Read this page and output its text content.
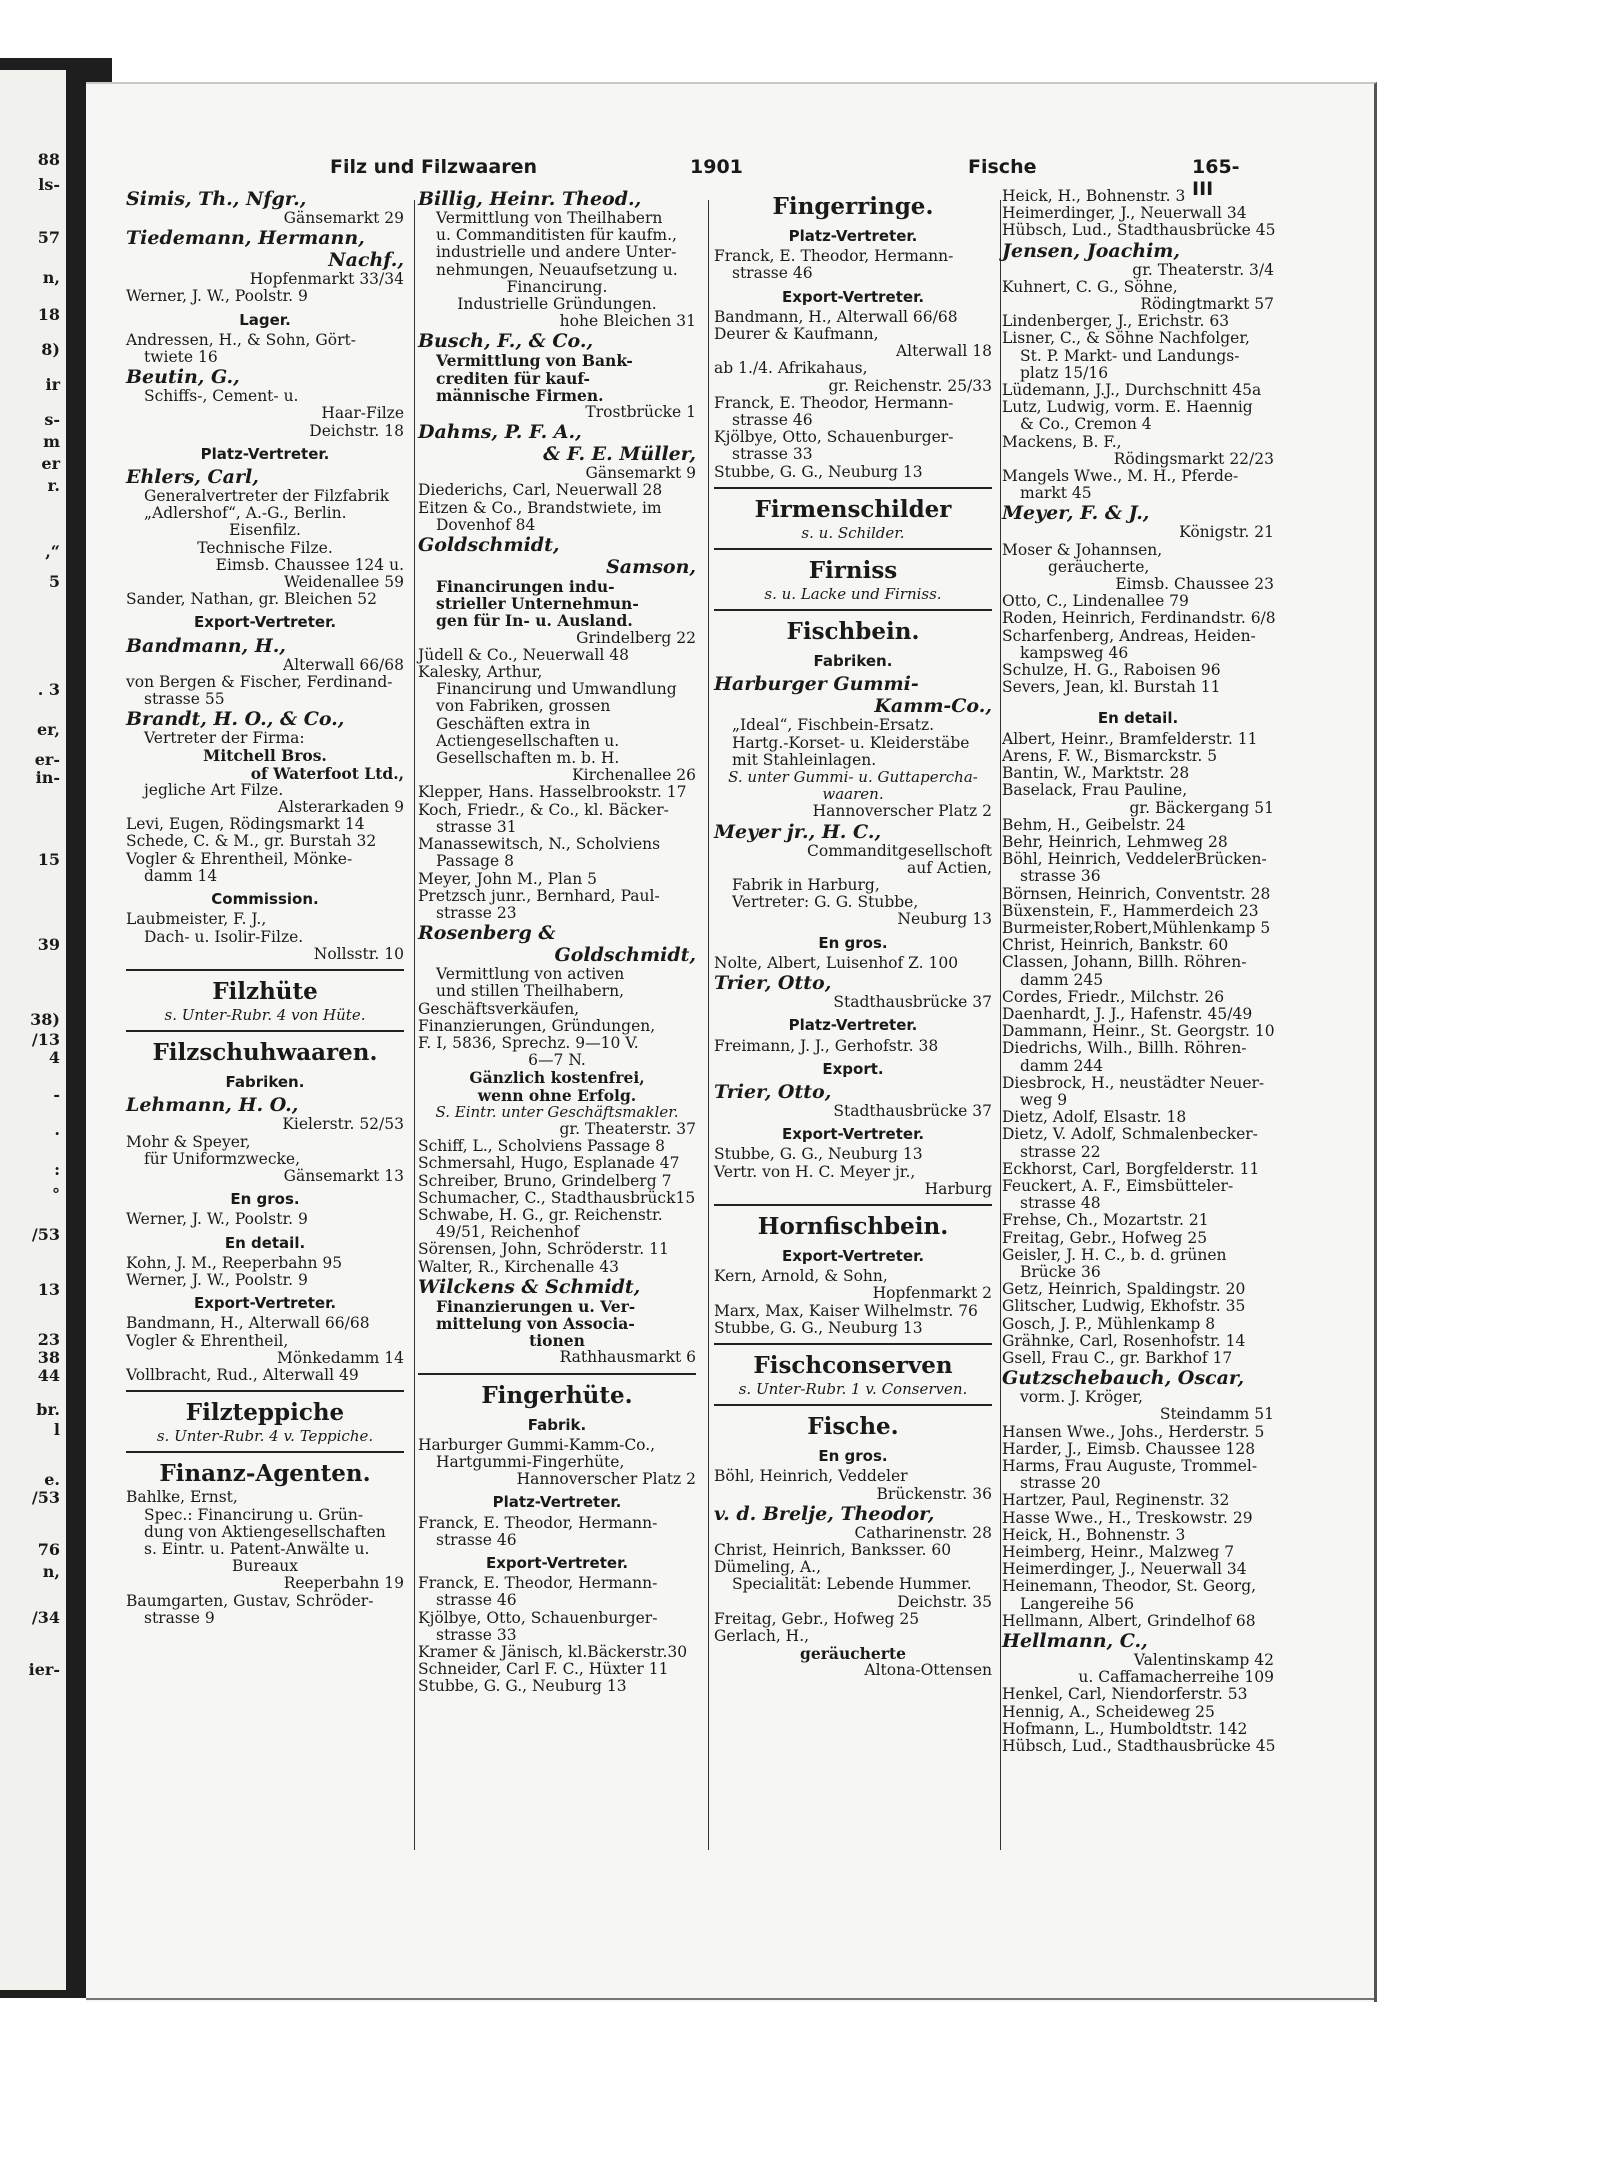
88
ls-
57
n,
18
8)
ir
s-
m
er
r.
,“
5
. 3
er,
er-
in-
15
39
38)
/13
4
-
.
:
°
/53
13
23
38
44
br.
l
e.
/53
76
n,
/34
ier-
Filz und Filzwaaren	1901	Fische	165-III
Simis, Th., Nfgr.,
Gänsemarkt 29
Tiedemann, Hermann,
Nachf.,
Hopfenmarkt 33/34
Werner, J. W., Poolstr. 9
Lager.
Andressen, H., & Sohn, Gört-
twiete 16
Beutin, G.,
Schiffs-, Cement- u.
Haar-Filze
Deichstr. 18
Platz-Vertreter.
Ehlers, Carl,
Generalvertreter der Filzfabrik
„Adlershof“, A.-G., Berlin.
Eisenfilz.
Technische Filze.
Eimsb. Chaussee 124 u.
Weidenallee 59
Sander, Nathan, gr. Bleichen 52
Export-Vertreter.
Bandmann, H.,
Alterwall 66/68
von Bergen & Fischer, Ferdinand-
strasse 55
Brandt, H. O., & Co.,
Vertreter der Firma:
Mitchell Bros.
of Waterfoot Ltd.,
jegliche Art Filze.
Alsterarkaden 9
Levi, Eugen, Rödingsmarkt 14
Schede, C. & M., gr. Burstah 32
Vogler & Ehrentheil, Mönke-
damm 14
Commission.
Laubmeister, F. J.,
Dach- u. Isolir-Filze.
Nollsstr. 10
Filzhüte
s. Unter-Rubr. 4 von Hüte.
Filzschuhwaaren.
Fabriken.
Lehmann, H. O.,
Kielerstr. 52/53
Mohr & Speyer,
für Uniformzwecke,
Gänsemarkt 13
En gros.
Werner, J. W., Poolstr. 9
En detail.
Kohn, J. M., Reeperbahn 95
Werner, J. W., Poolstr. 9
Export-Vertreter.
Bandmann, H., Alterwall 66/68
Vogler & Ehrentheil,
Mönkedamm 14
Vollbracht, Rud., Alterwall 49
Filzteppiche
s. Unter-Rubr. 4 v. Teppiche.
Finanz-Agenten.
Bahlke, Ernst,
Spec.: Financirung u. Grün-
dung von Aktiengesellschaften
s. Eintr. u. Patent-Anwälte u.
Bureaux
Reeperbahn 19
Baumgarten, Gustav, Schröder-
strasse 9
Billig, Heinr. Theod.,
Vermittlung von Theilhabern
u. Commanditisten für kaufm.,
industrielle und andere Unter-
nehmungen, Neuaufsetzung u.
Financirung.
Industrielle Gründungen.
hohe Bleichen 31
Busch, F., & Co.,
Vermittlung von Bank-
crediten für kauf-
männische Firmen.
Trostbrücke 1
Dahms, P. F. A.,
& F. E. Müller,
Gänsemarkt 9
Diederichs, Carl, Neuerwall 28
Eitzen & Co., Brandstwiete, im
Dovenhof 84
Goldschmidt,
Samson,
Financirungen indu-
strieller Unternehmun-
gen für In- u. Ausland.
Grindelberg 22
Jüdell & Co., Neuerwall 48
Kalesky, Arthur,
Financirung und Umwandlung
von Fabriken, grossen
Geschäften extra in
Actiengesellschaften u.
Gesellschaften m. b. H.
Kirchenallee 26
Klepper, Hans. Hasselbrookstr. 17
Koch, Friedr., & Co., kl. Bäcker-
strasse 31
Manassewitsch, N., Scholviens
Passage 8
Meyer, John M., Plan 5
Pretzsch junr., Bernhard, Paul-
strasse 23
Rosenberg &
Goldschmidt,
Vermittlung von activen
und stillen Theilhabern,
Geschäftsverkäufen,
Finanzierungen, Gründungen,
F. I, 5836, Sprechz. 9—10 V.
6—7 N.
Gänzlich kostenfrei,
wenn ohne Erfolg.
S. Eintr. unter Geschäftsmakler.
gr. Theaterstr. 37
Schiff, L., Scholviens Passage 8
Schmersahl, Hugo, Esplanade 47
Schreiber, Bruno, Grindelberg 7
Schumacher, C., Stadthausbrück15
Schwabe, H. G., gr. Reichenstr.
49/51, Reichenhof
Sörensen, John, Schröderstr. 11
Walter, R., Kirchenalle 43
Wilckens & Schmidt,
Finanzierungen u. Ver-
mittelung von Associa-
tionen
Rathhausmarkt 6
Fingerhüte.
Fabrik.
Harburger Gummi-Kamm-Co.,
Hartgummi-Fingerhüte,
Hannoverscher Platz 2
Platz-Vertreter.
Franck, E. Theodor, Hermann-
strasse 46
Export-Vertreter.
Franck, E. Theodor, Hermann-
strasse 46
Kjölbye, Otto, Schauenburger-
strasse 33
Kramer & Jänisch, kl.Bäckerstr.30
Schneider, Carl F. C., Hüxter 11
Stubbe, G. G., Neuburg 13
Fingerringe.
Platz-Vertreter.
Franck, E. Theodor, Hermann-
strasse 46
Export-Vertreter.
Bandmann, H., Alterwall 66/68
Deurer & Kaufmann,
Alterwall 18
ab 1./4. Afrikahaus,
gr. Reichenstr. 25/33
Franck, E. Theodor, Hermann-
strasse 46
Kjölbye, Otto, Schauenburger-
strasse 33
Stubbe, G. G., Neuburg 13
Firmenschilder
s. u. Schilder.
Firniss
s. u. Lacke und Firniss.
Fischbein.
Fabriken.
Harburger Gummi-
Kamm-Co.,
„Ideal“, Fischbein-Ersatz.
Hartg.-Korset- u. Kleiderstäbe
mit Stahleinlagen.
S. unter Gummi- u. Guttapercha-
waaren.
Hannoverscher Platz 2
Meyer jr., H. C.,
Commanditgesellschoft
auf Actien,
Fabrik in Harburg,
Vertreter: G. G. Stubbe,
Neuburg 13
En gros.
Nolte, Albert, Luisenhof Z. 100
Trier, Otto,
Stadthausbrücke 37
Platz-Vertreter.
Freimann, J. J., Gerhofstr. 38
Export.
Trier, Otto,
Stadthausbrücke 37
Export-Vertreter.
Stubbe, G. G., Neuburg 13
Vertr. von H. C. Meyer jr.,
Harburg
Hornfischbein.
Export-Vertreter.
Kern, Arnold, & Sohn,
Hopfenmarkt 2
Marx, Max, Kaiser Wilhelmstr. 76
Stubbe, G. G., Neuburg 13
Fischconserven
s. Unter-Rubr. 1 v. Conserven.
Fische.
En gros.
Böhl, Heinrich, Veddeler
Brückenstr. 36
v. d. Brelje, Theodor,
Catharinenstr. 28
Christ, Heinrich, Banksser. 60
Dümeling, A.,
Specialität: Lebende Hummer.
Deichstr. 35
Freitag, Gebr., Hofweg 25
Gerlach, H.,
geräucherte
Altona-Ottensen
Heick, H., Bohnenstr. 3
Heimerdinger, J., Neuerwall 34
Hübsch, Lud., Stadthausbrücke 45
Jensen, Joachim,
gr. Theaterstr. 3/4
Kuhnert, C. G., Söhne,
Rödingtmarkt 57
Lindenberger, J., Erichstr. 63
Lisner, C., & Söhne Nachfolger,
St. P. Markt- und Landungs-
platz 15/16
Lüdemann, J.J., Durchschnitt 45a
Lutz, Ludwig, vorm. E. Haennig
& Co., Cremon 4
Mackens, B. F.,
Rödingsmarkt 22/23
Mangels Wwe., M. H., Pferde-
markt 45
Meyer, F. & J.,
Königstr. 21
Moser & Johannsen,
geräucherte,
Eimsb. Chaussee 23
Otto, C., Lindenallee 79
Roden, Heinrich, Ferdinandstr. 6/8
Scharfenberg, Andreas, Heiden-
kampsweg 46
Schulze, H. G., Raboisen 96
Severs, Jean, kl. Burstah 11
En detail.
Albert, Heinr., Bramfelderstr. 11
Arens, F. W., Bismarckstr. 5
Bantin, W., Marktstr. 28
Baselack, Frau Pauline,
gr. Bäckergang 51
Behm, H., Geibelstr. 24
Behr, Heinrich, Lehmweg 28
Böhl, Heinrich, VeddelerBrücken-
strasse 36
Börnsen, Heinrich, Conventstr. 28
Büxenstein, F., Hammerdeich 23
Burmeister,Robert,Mühlenkamp 5
Christ, Heinrich, Bankstr. 60
Classen, Johann, Billh. Röhren-
damm 245
Cordes, Friedr., Milchstr. 26
Daenhardt, J. J., Hafenstr. 45/49
Dammann, Heinr., St. Georgstr. 10
Diedrichs, Wilh., Billh. Röhren-
damm 244
Diesbrock, H., neustädter Neuer-
weg 9
Dietz, Adolf, Elsastr. 18
Dietz, V. Adolf, Schmalenbecker-
strasse 22
Eckhorst, Carl, Borgfelderstr. 11
Feuckert, A. F., Eimsbütteler-
strasse 48
Frehse, Ch., Mozartstr. 21
Freitag, Gebr., Hofweg 25
Geisler, J. H. C., b. d. grünen
Brücke 36
Getz, Heinrich, Spaldingstr. 20
Glitscher, Ludwig, Ekhofstr. 35
Gosch, J. P., Mühlenkamp 8
Grähnke, Carl, Rosenhofstr. 14
Gsell, Frau C., gr. Barkhof 17
Gutzschebauch, Oscar,
vorm. J. Kröger,
Steindamm 51
Hansen Wwe., Johs., Herderstr. 5
Harder, J., Eimsb. Chaussee 128
Harms, Frau Auguste, Trommel-
strasse 20
Hartzer, Paul, Reginenstr. 32
Hasse Wwe., H., Treskowstr. 29
Heick, H., Bohnenstr. 3
Heimberg, Heinr., Malzweg 7
Heimerdinger, J., Neuerwall 34
Heinemann, Theodor, St. Georg,
Langereihe 56
Hellmann, Albert, Grindelhof 68
Hellmann, C.,
Valentinskamp 42
u. Caffamacherreihe 109
Henkel, Carl, Niendorferstr. 53
Hennig, A., Scheideweg 25
Hofmann, L., Humboldtstr. 142
Hübsch, Lud., Stadthausbrücke 45
